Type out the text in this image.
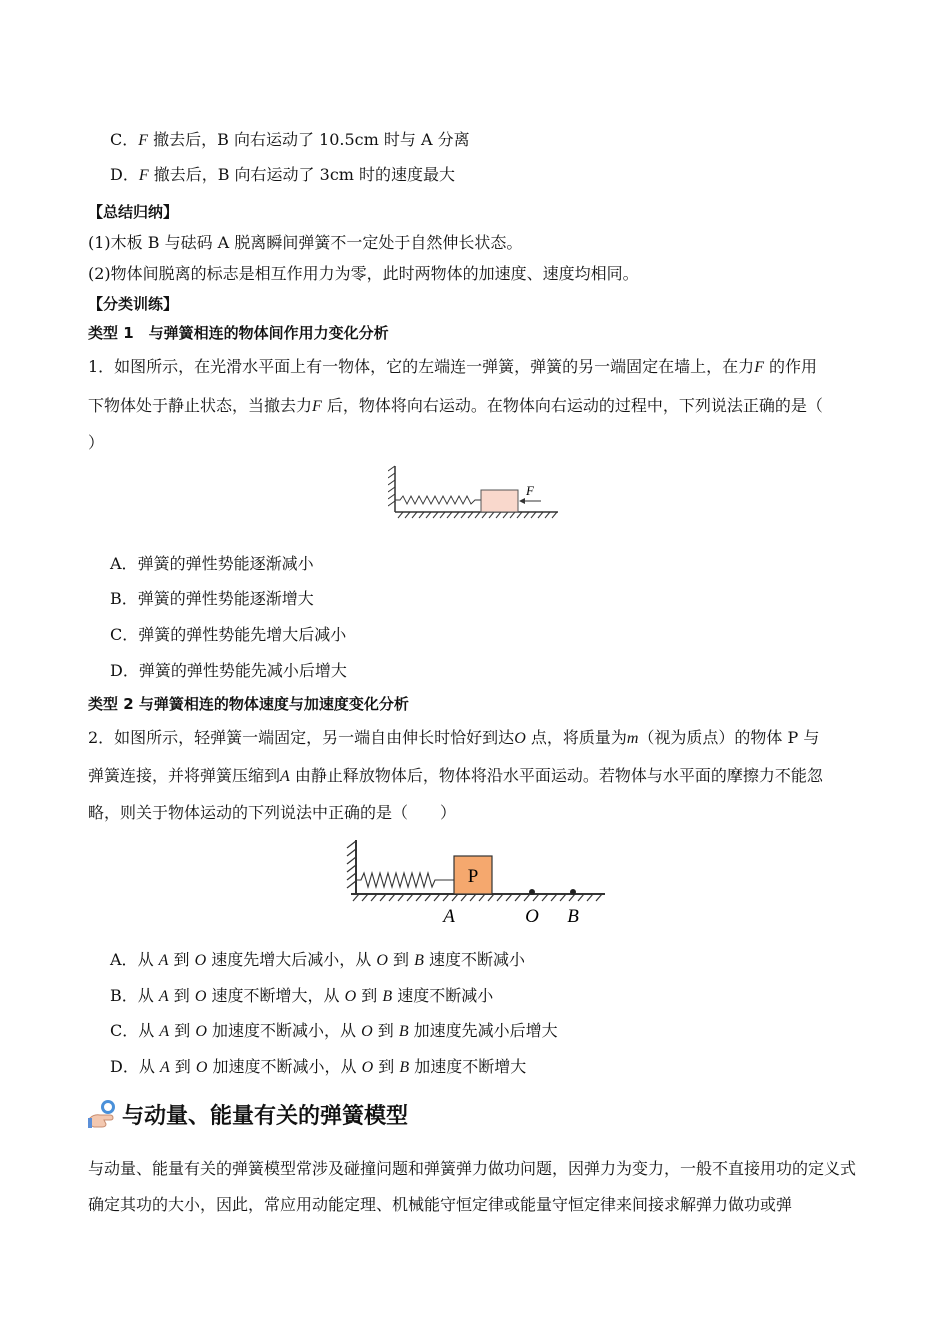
C．F 撤去后，B 向右运动了 10.5cm 时与 A 分离
D．F 撤去后，B 向右运动了 3cm 时的速度最大
【总结归纳】
(1)木板 B 与砝码 A 脱离瞬间弹簧不一定处于自然伸长状态。
(2)物体间脱离的标志是相互作用力为零，此时两物体的加速度、速度均相同。
【分类训练】
类型 1　与弹簧相连的物体间作用力变化分析
1．如图所示，在光滑水平面上有一物体，它的左端连一弹簧，弹簧的另一端固定在墙上，在力F 的作用
下物体处于静止状态，当撤去力F 后，物体将向右运动。在物体向右运动的过程中，下列说法正确的是（
）
F
A．弹簧的弹性势能逐渐减小
B．弹簧的弹性势能逐渐增大
C．弹簧的弹性势能先增大后减小
D．弹簧的弹性势能先减小后增大
类型 2 与弹簧相连的物体速度与加速度变化分析
2．如图所示，轻弹簧一端固定，另一端自由伸长时恰好到达O 点，将质量为m（视为质点）的物体 P 与
弹簧连接，并将弹簧压缩到A 由静止释放物体后，物体将沿水平面运动。若物体与水平面的摩擦力不能忽
略，则关于物体运动的下列说法中正确的是（　　）
P
A	O B
A．从 A 到 O 速度先增大后减小，从 O 到 B 速度不断减小
B．从 A 到 O 速度不断增大，从 O 到 B 速度不断减小
C．从 A 到 O 加速度不断减小，从 O 到 B 加速度先减小后增大
D．从 A 到 O 加速度不断减小，从 O 到 B 加速度不断增大
与动量、能量有关的弹簧模型
与动量、能量有关的弹簧模型常涉及碰撞问题和弹簧弹力做功问题，因弹力为变力，一般不直接用功的定义式确定其功的大小，因此，常应用动能定理、机械能守恒定律或能量守恒定律来间接求解弹力做功或弹
